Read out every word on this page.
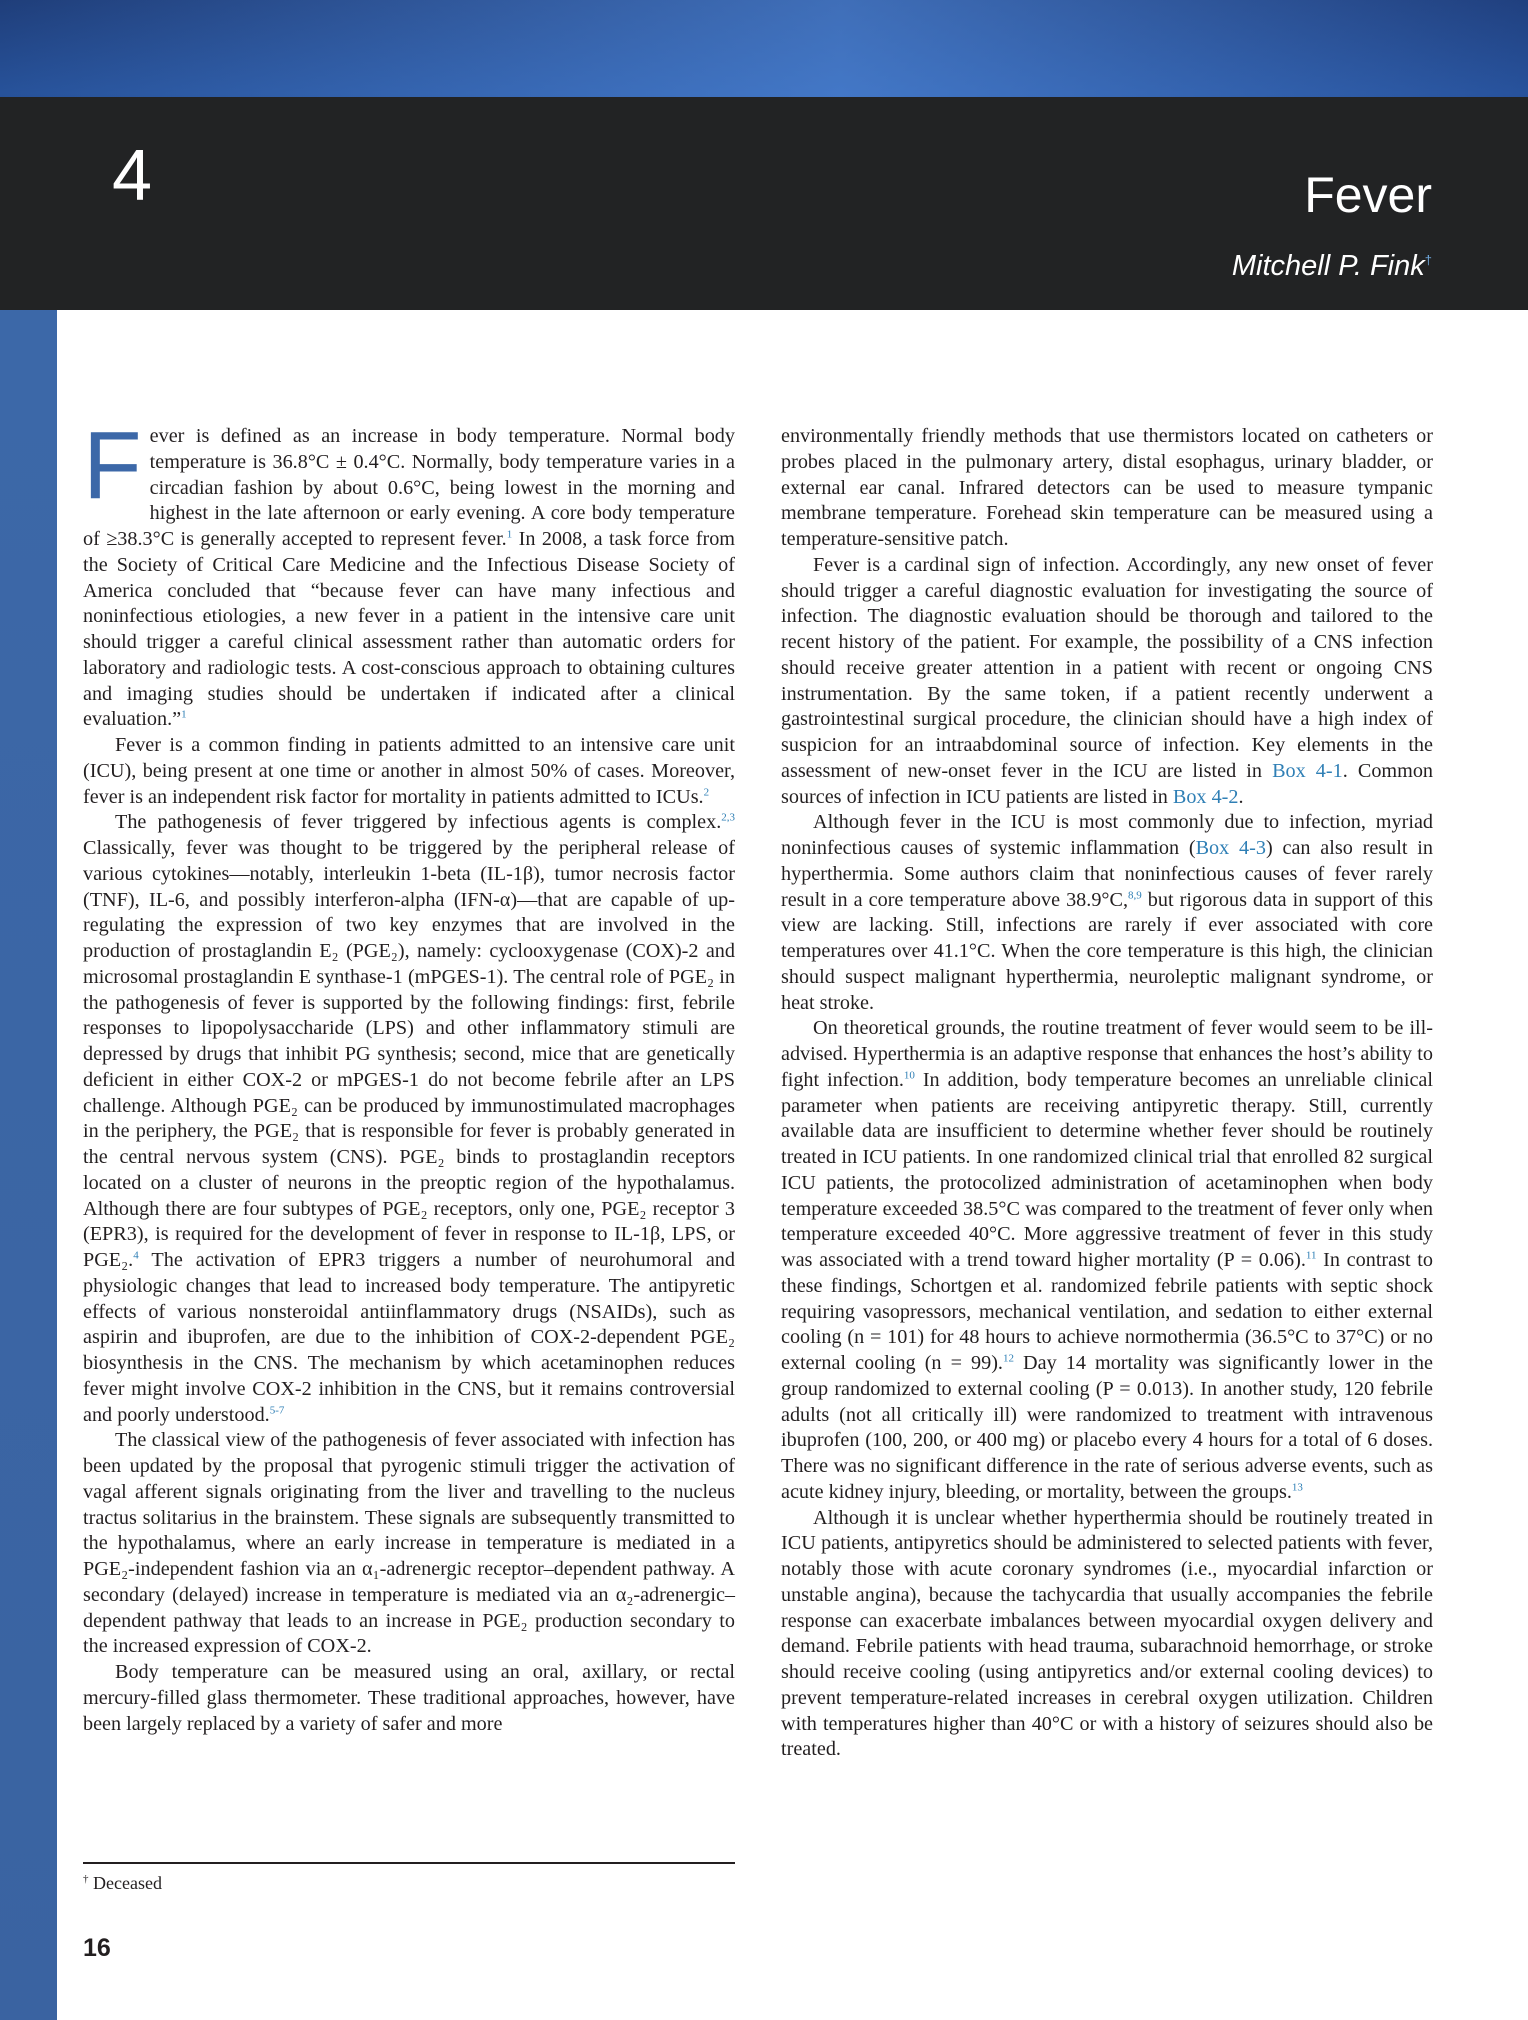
4	Fever
Mitchell P. Fink†

Fever is defined as an increase in body temperature. Normal body temperature is 36.8°C ± 0.4°C. Normally, body temperature varies in a circadian fashion by about 0.6°C, being lowest in the morning and highest in the late afternoon or early evening. A core body temperature of ≥38.3°C is generally accepted to represent fever.$^1$ In 2008, a task force from the Society of Critical Care Medicine and the Infectious Disease Society of America concluded that “because fever can have many infectious and noninfectious etiologies, a new fever in a patient in the intensive care unit should trigger a careful clinical assessment rather than automatic orders for laboratory and radiologic tests. A cost-conscious approach to obtaining cultures and imaging studies should be undertaken if indicated after a clinical evaluation.”$^1$

Fever is a common finding in patients admitted to an intensive care unit (ICU), being present at one time or another in almost 50% of cases. Moreover, fever is an independent risk factor for mortality in patients admitted to ICUs.$^2$

The pathogenesis of fever triggered by infectious agents is complex.$^{2,3}$ Classically, fever was thought to be triggered by the peripheral release of various cytokines—notably, interleukin 1-beta (IL-1β), tumor necrosis factor (TNF), IL-6, and possibly interferon-alpha (IFN-α)—that are capable of up-regulating the expression of two key enzymes that are involved in the production of prostaglandin E₂ (PGE₂), namely: cyclooxygenase (COX)-2 and microsomal prostaglandin E synthase-1 (mPGES-1). The central role of PGE₂ in the pathogenesis of fever is supported by the following findings: first, febrile responses to lipopolysaccharide (LPS) and other inflammatory stimuli are depressed by drugs that inhibit PG synthesis; second, mice that are genetically deficient in either COX-2 or mPGES-1 do not become febrile after an LPS challenge. Although PGE₂ can be produced by immunostimulated macrophages in the periphery, the PGE₂ that is responsible for fever is probably generated in the central nervous system (CNS). PGE₂ binds to prostaglandin receptors located on a cluster of neurons in the preoptic region of the hypothalamus. Although there are four subtypes of PGE₂ receptors, only one, PGE₂ receptor 3 (EPR3), is required for the development of fever in response to IL-1β, LPS, or PGE₂.$^4$ The activation of EPR3 triggers a number of neurohumoral and physiologic changes that lead to increased body temperature. The antipyretic effects of various nonsteroidal antiinflammatory drugs (NSAIDs), such as aspirin and ibuprofen, are due to the inhibition of COX-2-dependent PGE₂ biosynthesis in the CNS. The mechanism by which acetaminophen reduces fever might involve COX-2 inhibition in the CNS, but it remains controversial and poorly understood.$^{5-7}$

The classical view of the pathogenesis of fever associated with infection has been updated by the proposal that pyrogenic stimuli trigger the activation of vagal afferent signals originating from the liver and travelling to the nucleus tractus solitarius in the brainstem. These signals are subsequently transmitted to the hypothalamus, where an early increase in temperature is mediated in a PGE₂-independent fashion via an α₁-adrenergic receptor–dependent pathway. A secondary (delayed) increase in temperature is mediated via an α₂-adrenergic–dependent pathway that leads to an increase in PGE₂ production secondary to the increased expression of COX-2.

Body temperature can be measured using an oral, axillary, or rectal mercury-filled glass thermometer. These traditional approaches, however, have been largely replaced by a variety of safer and more

environmentally friendly methods that use thermistors located on catheters or probes placed in the pulmonary artery, distal esophagus, urinary bladder, or external ear canal. Infrared detectors can be used to measure tympanic membrane temperature. Forehead skin temperature can be measured using a temperature-sensitive patch.

Fever is a cardinal sign of infection. Accordingly, any new onset of fever should trigger a careful diagnostic evaluation for investigating the source of infection. The diagnostic evaluation should be thorough and tailored to the recent history of the patient. For example, the possibility of a CNS infection should receive greater attention in a patient with recent or ongoing CNS instrumentation. By the same token, if a patient recently underwent a gastrointestinal surgical procedure, the clinician should have a high index of suspicion for an intraabdominal source of infection. Key elements in the assessment of new-onset fever in the ICU are listed in Box 4-1. Common sources of infection in ICU patients are listed in Box 4-2.

Although fever in the ICU is most commonly due to infection, myriad noninfectious causes of systemic inflammation (Box 4-3) can also result in hyperthermia. Some authors claim that noninfectious causes of fever rarely result in a core temperature above 38.9°C,$^{8,9}$ but rigorous data in support of this view are lacking. Still, infections are rarely if ever associated with core temperatures over 41.1°C. When the core temperature is this high, the clinician should suspect malignant hyperthermia, neuroleptic malignant syndrome, or heat stroke.

On theoretical grounds, the routine treatment of fever would seem to be ill-advised. Hyperthermia is an adaptive response that enhances the host’s ability to fight infection.$^{10}$ In addition, body temperature becomes an unreliable clinical parameter when patients are receiving antipyretic therapy. Still, currently available data are insufficient to determine whether fever should be routinely treated in ICU patients. In one randomized clinical trial that enrolled 82 surgical ICU patients, the protocolized administration of acetaminophen when body temperature exceeded 38.5°C was compared to the treatment of fever only when temperature exceeded 40°C. More aggressive treatment of fever in this study was associated with a trend toward higher mortality (P = 0.06).$^{11}$ In contrast to these findings, Schortgen et al. randomized febrile patients with septic shock requiring vasopressors, mechanical ventilation, and sedation to either external cooling (n = 101) for 48 hours to achieve normothermia (36.5°C to 37°C) or no external cooling (n = 99).$^{12}$ Day 14 mortality was significantly lower in the group randomized to external cooling (P = 0.013). In another study, 120 febrile adults (not all critically ill) were randomized to treatment with intravenous ibuprofen (100, 200, or 400 mg) or placebo every 4 hours for a total of 6 doses. There was no significant difference in the rate of serious adverse events, such as acute kidney injury, bleeding, or mortality, between the groups.$^{13}$

Although it is unclear whether hyperthermia should be routinely treated in ICU patients, antipyretics should be administered to selected patients with fever, notably those with acute coronary syndromes (i.e., myocardial infarction or unstable angina), because the tachycardia that usually accompanies the febrile response can exacerbate imbalances between myocardial oxygen delivery and demand. Febrile patients with head trauma, subarachnoid hemorrhage, or stroke should receive cooling (using antipyretics and/or external cooling devices) to prevent temperature-related increases in cerebral oxygen utilization. Children with temperatures higher than 40°C or with a history of seizures should also be treated.

† Deceased
16
